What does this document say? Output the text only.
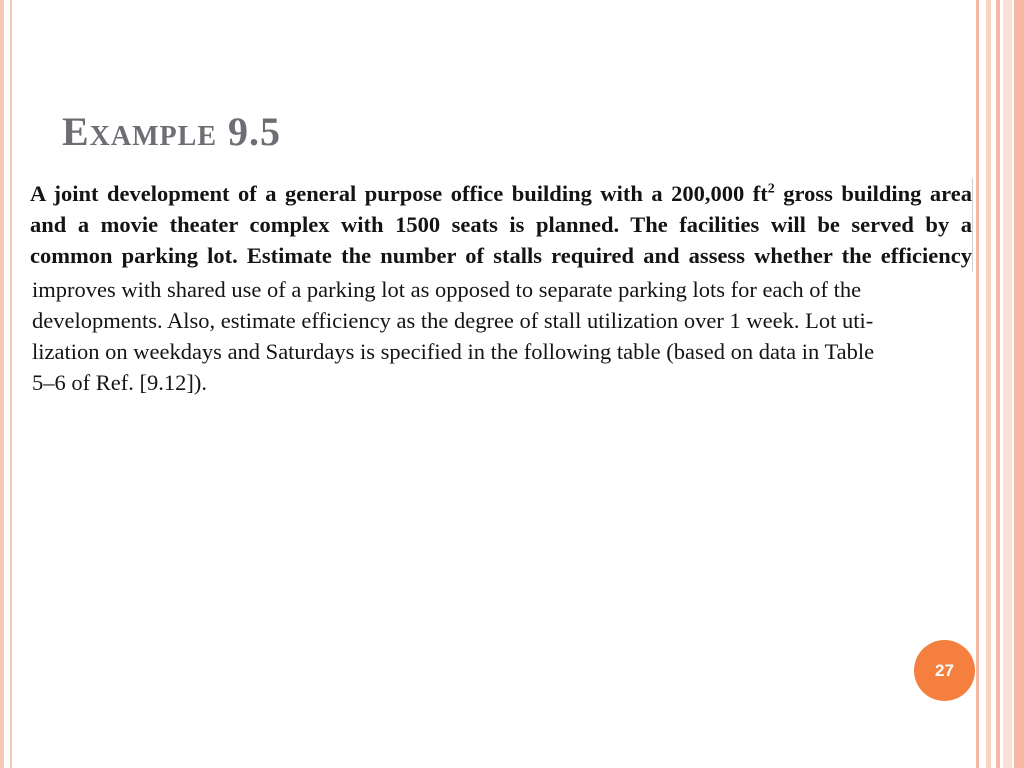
Example 9.5

A joint development of a general purpose office building with a 200,000 $ft^2$ gross building area
and a movie theater complex with 1500 seats is planned. The facilities will be served by a
common parking lot. Estimate the number of stalls required and assess whether the efficiency

improves with shared use of a parking lot as opposed to separate parking lots for each of the
developments. Also, estimate efficiency as the degree of stall utilization over 1 week. Lot uti-
lization on weekdays and Saturdays is specified in the following table (based on data in Table
5–6 of Ref. [9.12]).
27
